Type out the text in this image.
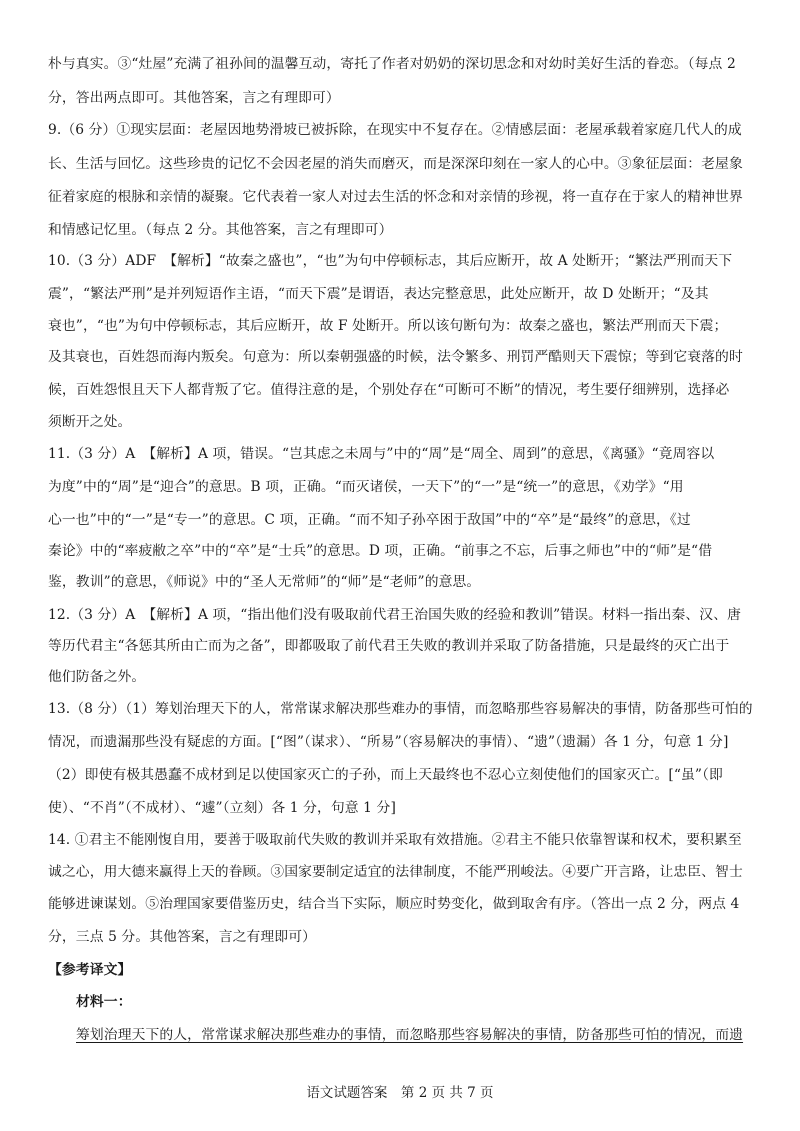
朴与真实。③“灶屋”充满了祖孙间的温馨互动，寄托了作者对奶奶的深切思念和对幼时美好生活的眷恋。（每点 2
分，答出两点即可。其他答案，言之有理即可）
9.（6 分）①现实层面：老屋因地势滑坡已被拆除，在现实中不复存在。②情感层面：老屋承载着家庭几代人的成
长、生活与回忆。这些珍贵的记忆不会因老屋的消失而磨灭，而是深深印刻在一家人的心中。③象征层面：老屋象
征着家庭的根脉和亲情的凝聚。它代表着一家人对过去生活的怀念和对亲情的珍视，将一直存在于家人的精神世界
和情感记忆里。（每点 2 分。其他答案，言之有理即可）
10.（3 分）ADF　【解析】“故秦之盛也”，“也”为句中停顿标志，其后应断开，故 A 处断开；“繁法严刑而天下
震”，“繁法严刑”是并列短语作主语，“而天下震”是谓语，表达完整意思，此处应断开，故 D 处断开；“及其
衰也”，“也”为句中停顿标志，其后应断开，故 F 处断开。所以该句断句为：故秦之盛也，繁法严刑而天下震；
及其衰也，百姓怨而海内叛矣。句意为：所以秦朝强盛的时候，法令繁多、刑罚严酷则天下震惊；等到它衰落的时
候，百姓怨恨且天下人都背叛了它。值得注意的是，个别处存在“可断可不断”的情况，考生要仔细辨别，选择必
须断开之处。
11.（3 分）A　【解析】A 项，错误。“岂其虑之未周与”中的“周”是“周全、周到”的意思，《离骚》“竟周容以
为度”中的“周”是“迎合”的意思。B 项，正确。“而灭诸侯，一天下”的“一”是“统一”的意思，《劝学》“用
心一也”中的“一”是“专一”的意思。C 项，正确。“而不知子孙卒困于敌国”中的“卒”是“最终”的意思，《过
秦论》中的“率疲敝之卒”中的“卒”是“士兵”的意思。D 项，正确。“前事之不忘，后事之师也”中的“师”是“借
鉴，教训”的意思，《师说》中的“圣人无常师”的“师”是“老师”的意思。
12.（3 分）A　【解析】A 项，“指出他们没有吸取前代君王治国失败的经验和教训”错误。材料一指出秦、汉、唐
等历代君主“各惩其所由亡而为之备”，即都吸取了前代君王失败的教训并采取了防备措施，只是最终的灭亡出于
他们防备之外。
13.（8 分）（1）筹划治理天下的人，常常谋求解决那些难办的事情，而忽略那些容易解决的事情，防备那些可怕的
情况，而遗漏那些没有疑虑的方面。[“图”（谋求）、“所易”（容易解决的事情）、“遗”（遗漏）各 1 分，句意 1 分]
（2）即使有极其愚蠢不成材到足以使国家灭亡的子孙，而上天最终也不忍心立刻使他们的国家灭亡。[“虽”（即
使）、“不肖”（不成材）、“遽”（立刻）各 1 分，句意 1 分]
14. ①君主不能刚愎自用，要善于吸取前代失败的教训并采取有效措施。②君主不能只依靠智谋和权术，要积累至
诚之心，用大德来赢得上天的眷顾。③国家要制定适宜的法律制度，不能严刑峻法。④要广开言路，让忠臣、智士
能够进谏谋划。⑤治理国家要借鉴历史，结合当下实际，顺应时势变化，做到取舍有序。（答出一点 2 分，两点 4
分，三点 5 分。其他答案，言之有理即可）
【参考译文】
材料一：
筹划治理天下的人，常常谋求解决那些难办的事情，而忽略那些容易解决的事情，防备那些可怕的情况，而遗
语文试题答案　第 2 页 共 7 页
